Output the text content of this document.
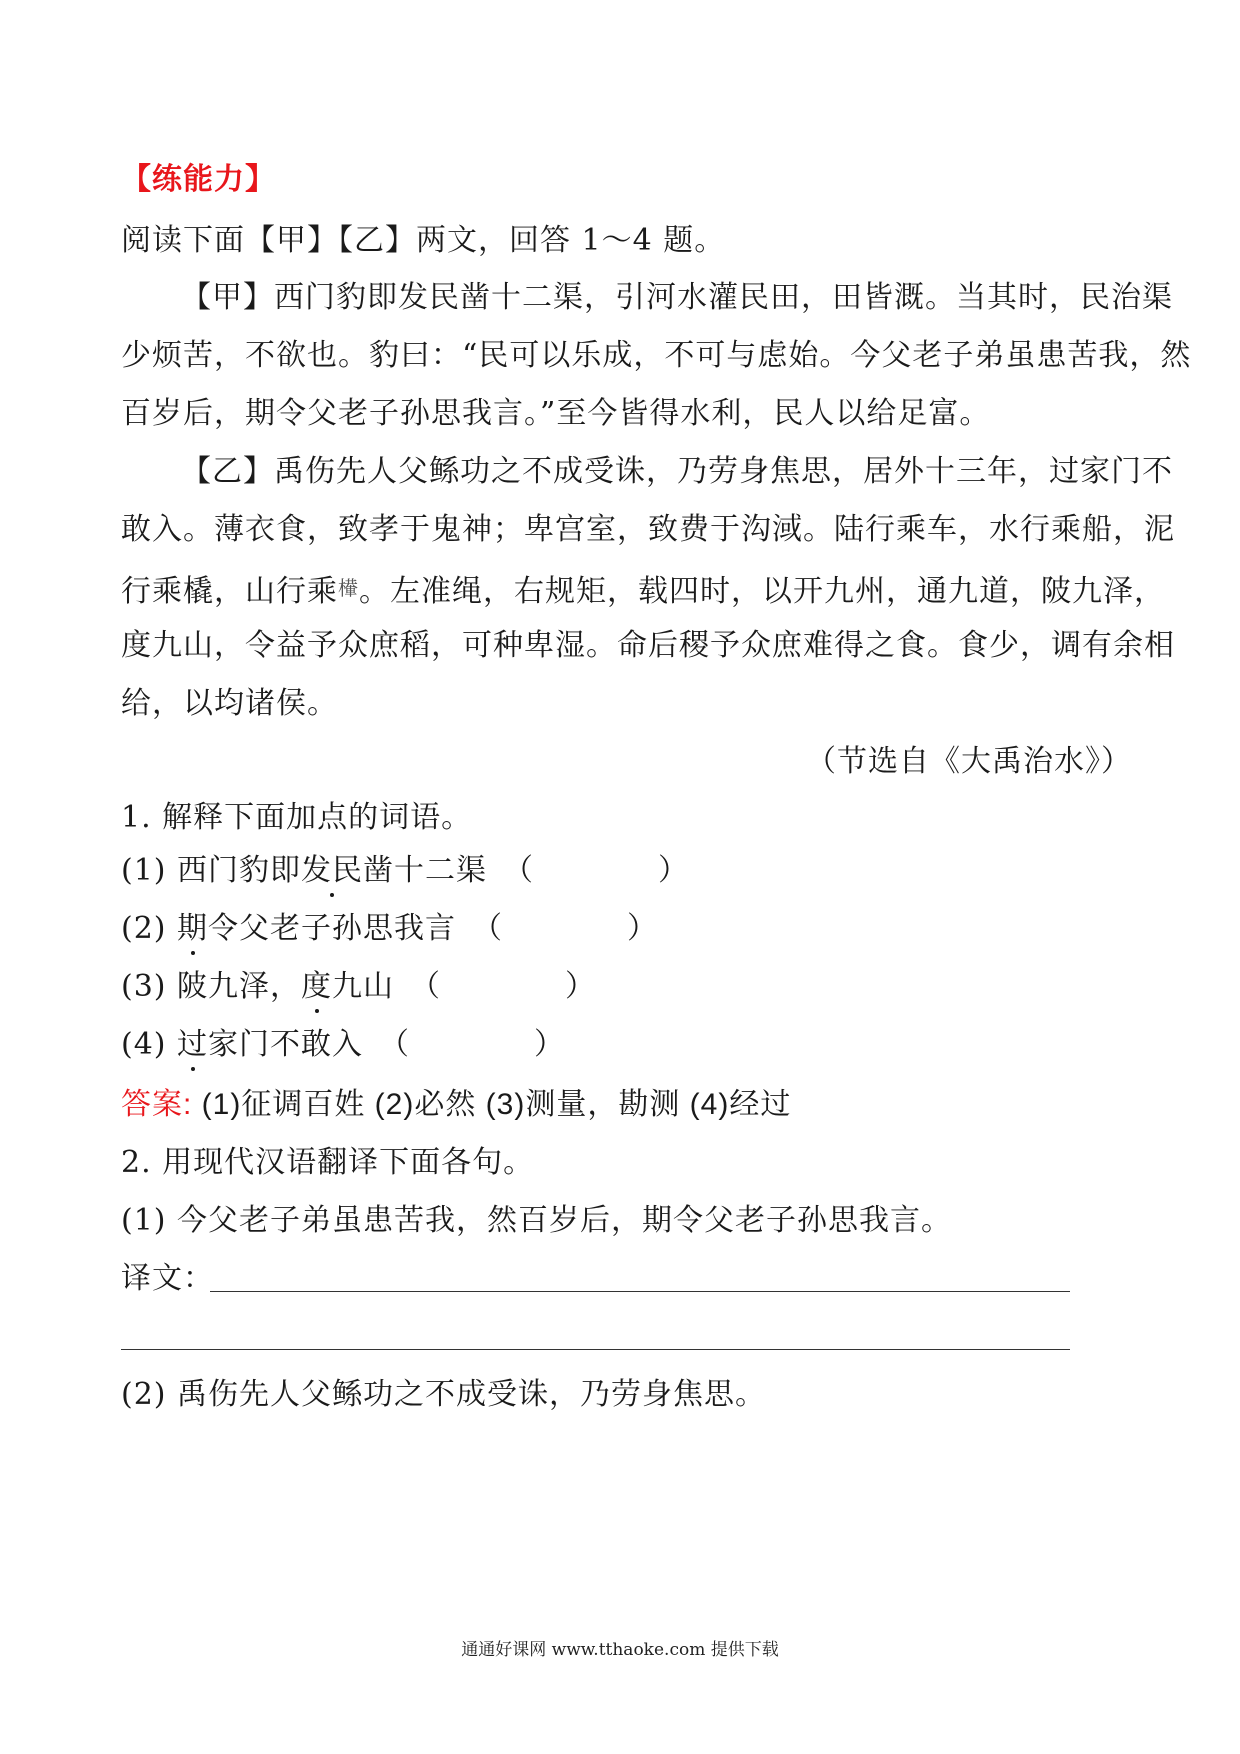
【练能力】
阅读下面【甲】【乙】两文，回答 1～4 题。
【甲】西门豹即发民凿十二渠，引河水灌民田，田皆溉。当其时，民治渠
少烦苦，不欲也。豹曰：“民可以乐成，不可与虑始。今父老子弟虽患苦我，然
百岁后，期令父老子孙思我言。”至今皆得水利，民人以给足富。
【乙】禹伤先人父鲧功之不成受诛，乃劳身焦思，居外十三年，过家门不
敢入。薄衣食，致孝于鬼神；卑宫室，致费于沟淢。陆行乘车，水行乘船，泥
行乘橇，山行乘$^檋$。左准绳，右规矩，载四时，以开九州，通九道，陂九泽，
度九山，令益予众庶稻，可种卑湿。命后稷予众庶难得之食。食少，调有余相
给，以均诸侯。
（节选自《大禹治水》）
1. 解释下面加点的词语。
(1) 西门豹即发民凿十二渠　 （　　　　）
(2) 期令父老子孙思我言　 （　　　　）
(3) 陂九泽，度九山　 （　　　　）
(4) 过家门不敢入　 （　　　　）
答案: (1)征调百姓 (2)必然 (3)测量，勘测 (4)经过
2. 用现代汉语翻译下面各句。
(1) 今父老子弟虽患苦我，然百岁后，期令父老子孙思我言。
译文：
(2) 禹伤先人父鲧功之不成受诛，乃劳身焦思。
通通好课网 www.tthaoke.com 提供下载
